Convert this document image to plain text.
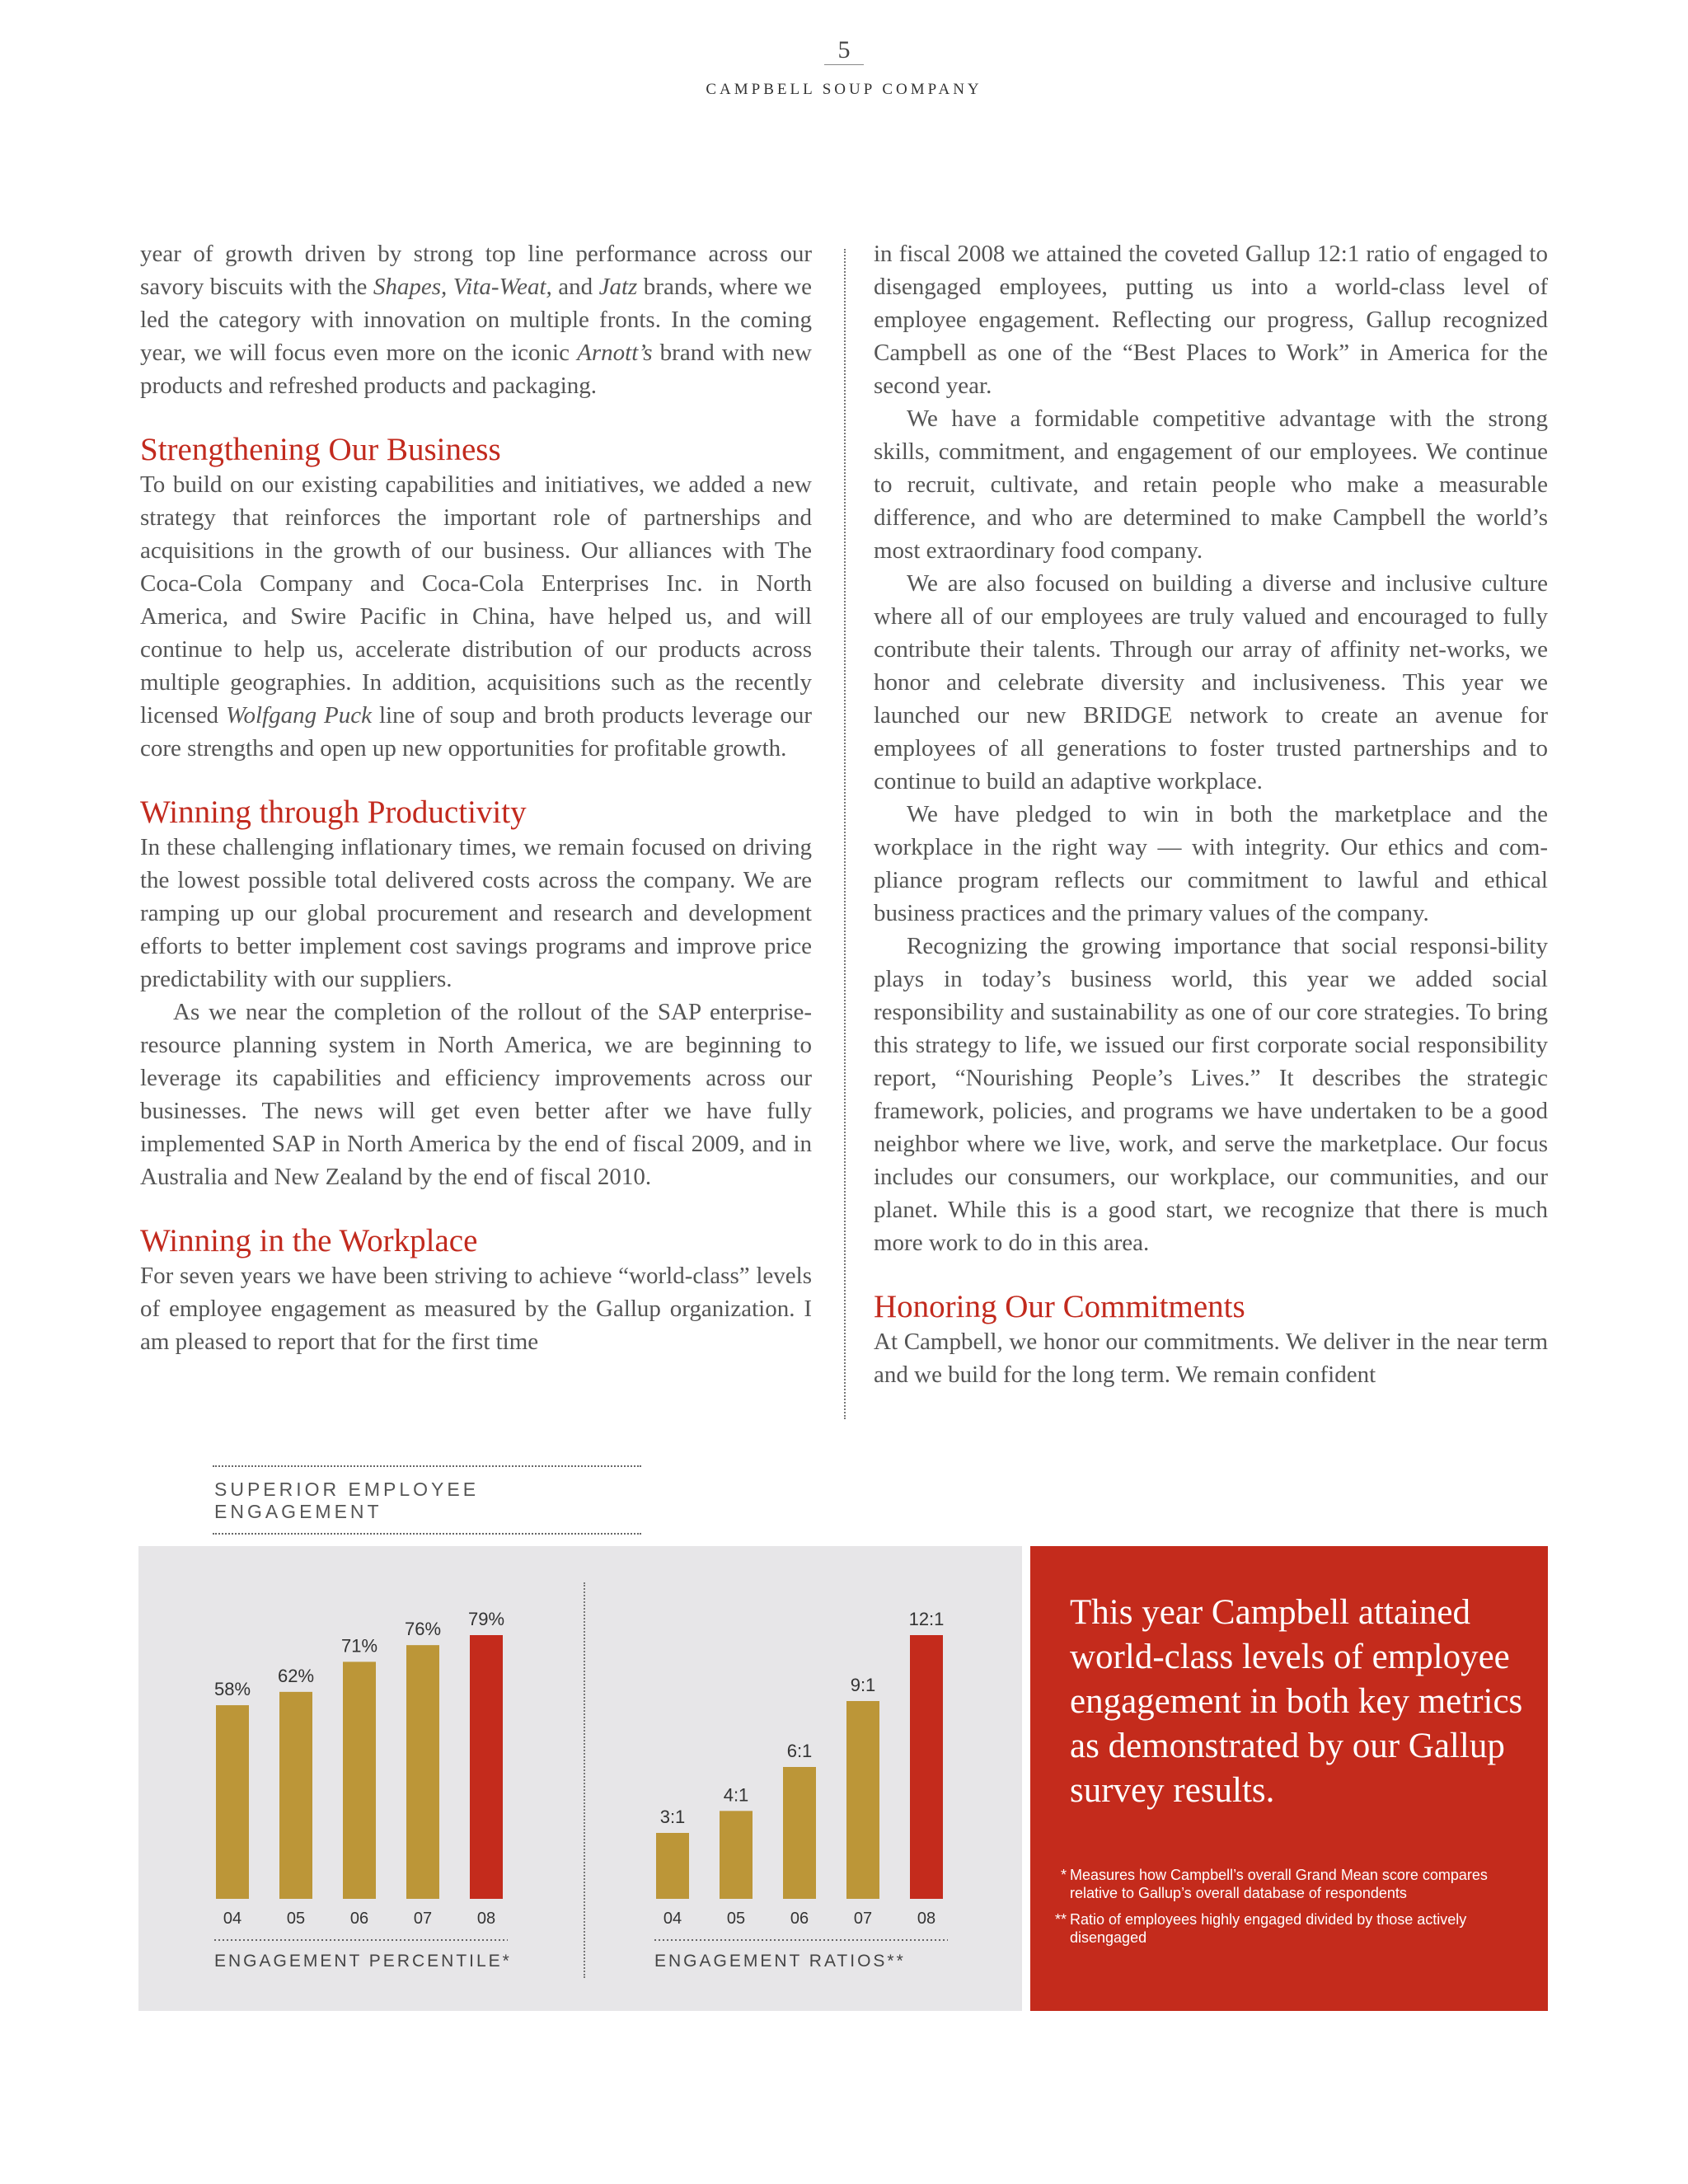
5
CAMPBELL SOUP COMPANY

year of growth driven by strong top line performance across our savory biscuits with the Shapes, Vita-Weat, and Jatz brands, where we led the category with innovation on multiple fronts. In the coming year, we will focus even more on the iconic Arnott’s brand with new products and refreshed products and packaging.

Strengthening Our Business

To build on our existing capabilities and initiatives, we added a new strategy that reinforces the important role of partnerships and acquisitions in the growth of our business. Our alliances with The Coca-Cola Company and Coca-Cola Enterprises Inc. in North America, and Swire Pacific in China, have helped us, and will continue to help us, accelerate distribution of our products across multiple geographies. In addition, acquisitions such as the recently licensed Wolfgang Puck line of soup and broth products leverage our core strengths and open up new opportunities for profitable growth.

Winning through Productivity

In these challenging inflationary times, we remain focused on driving the lowest possible total delivered costs across the company. We are ramping up our global procurement and research and development efforts to better implement cost savings programs and improve price predictability with our suppliers.

As we near the completion of the rollout of the SAP enterprise-resource planning system in North America, we are beginning to leverage its capabilities and efficiency improvements across our businesses. The news will get even better after we have fully implemented SAP in North America by the end of fiscal 2009, and in Australia and New Zealand by the end of fiscal 2010.

Winning in the Workplace

For seven years we have been striving to achieve “world-class” levels of employee engagement as measured by the Gallup organization. I am pleased to report that for the first time

in fiscal 2008 we attained the coveted Gallup 12:1 ratio of engaged to disengaged employees, putting us into a world-class level of employee engagement. Reflecting our progress, Gallup recognized Campbell as one of the “Best Places to Work” in America for the second year.

We have a formidable competitive advantage with the strong skills, commitment, and engagement of our employees. We continue to recruit, cultivate, and retain people who make a measurable difference, and who are determined to make Campbell the world’s most extraordinary food company.

We are also focused on building a diverse and inclusive culture where all of our employees are truly valued and encouraged to fully contribute their talents. Through our array of affinity net-works, we honor and celebrate diversity and inclusiveness. This year we launched our new BRIDGE network to create an avenue for employees of all generations to foster trusted partnerships and to continue to build an adaptive workplace.

We have pledged to win in both the marketplace and the workplace in the right way — with integrity. Our ethics and com-pliance program reflects our commitment to lawful and ethical business practices and the primary values of the company.

Recognizing the growing importance that social responsi-bility plays in today’s business world, this year we added social responsibility and sustainability as one of our core strategies. To bring this strategy to life, we issued our first corporate social responsibility report, “Nourishing People’s Lives.” It describes the strategic framework, policies, and programs we have undertaken to be a good neighbor where we live, work, and serve the marketplace. Our focus includes our consumers, our workplace, our communities, and our planet. While this is a good start, we recognize that there is much more work to do in this area.

Honoring Our Commitments

At Campbell, we honor our commitments. We deliver in the near term and we build for the long term. We remain confident

SUPERIOR EMPLOYEE ENGAGEMENT
58%
04
62%
05
71%
06
76%
07
79%
08
3:1
04
4:1
05
6:1
06
9:1
07
12:1
08
ENGAGEMENT PERCENTILE*	ENGAGEMENT RATIOS**
This year Campbell attained world-class levels of employee engagement in both key metrics as demonstrated by our Gallup survey results.
* Measures how Campbell’s overall Grand Mean score compares relative to Gallup’s overall database of respondents
** Ratio of employees highly engaged divided by those actively disengaged
